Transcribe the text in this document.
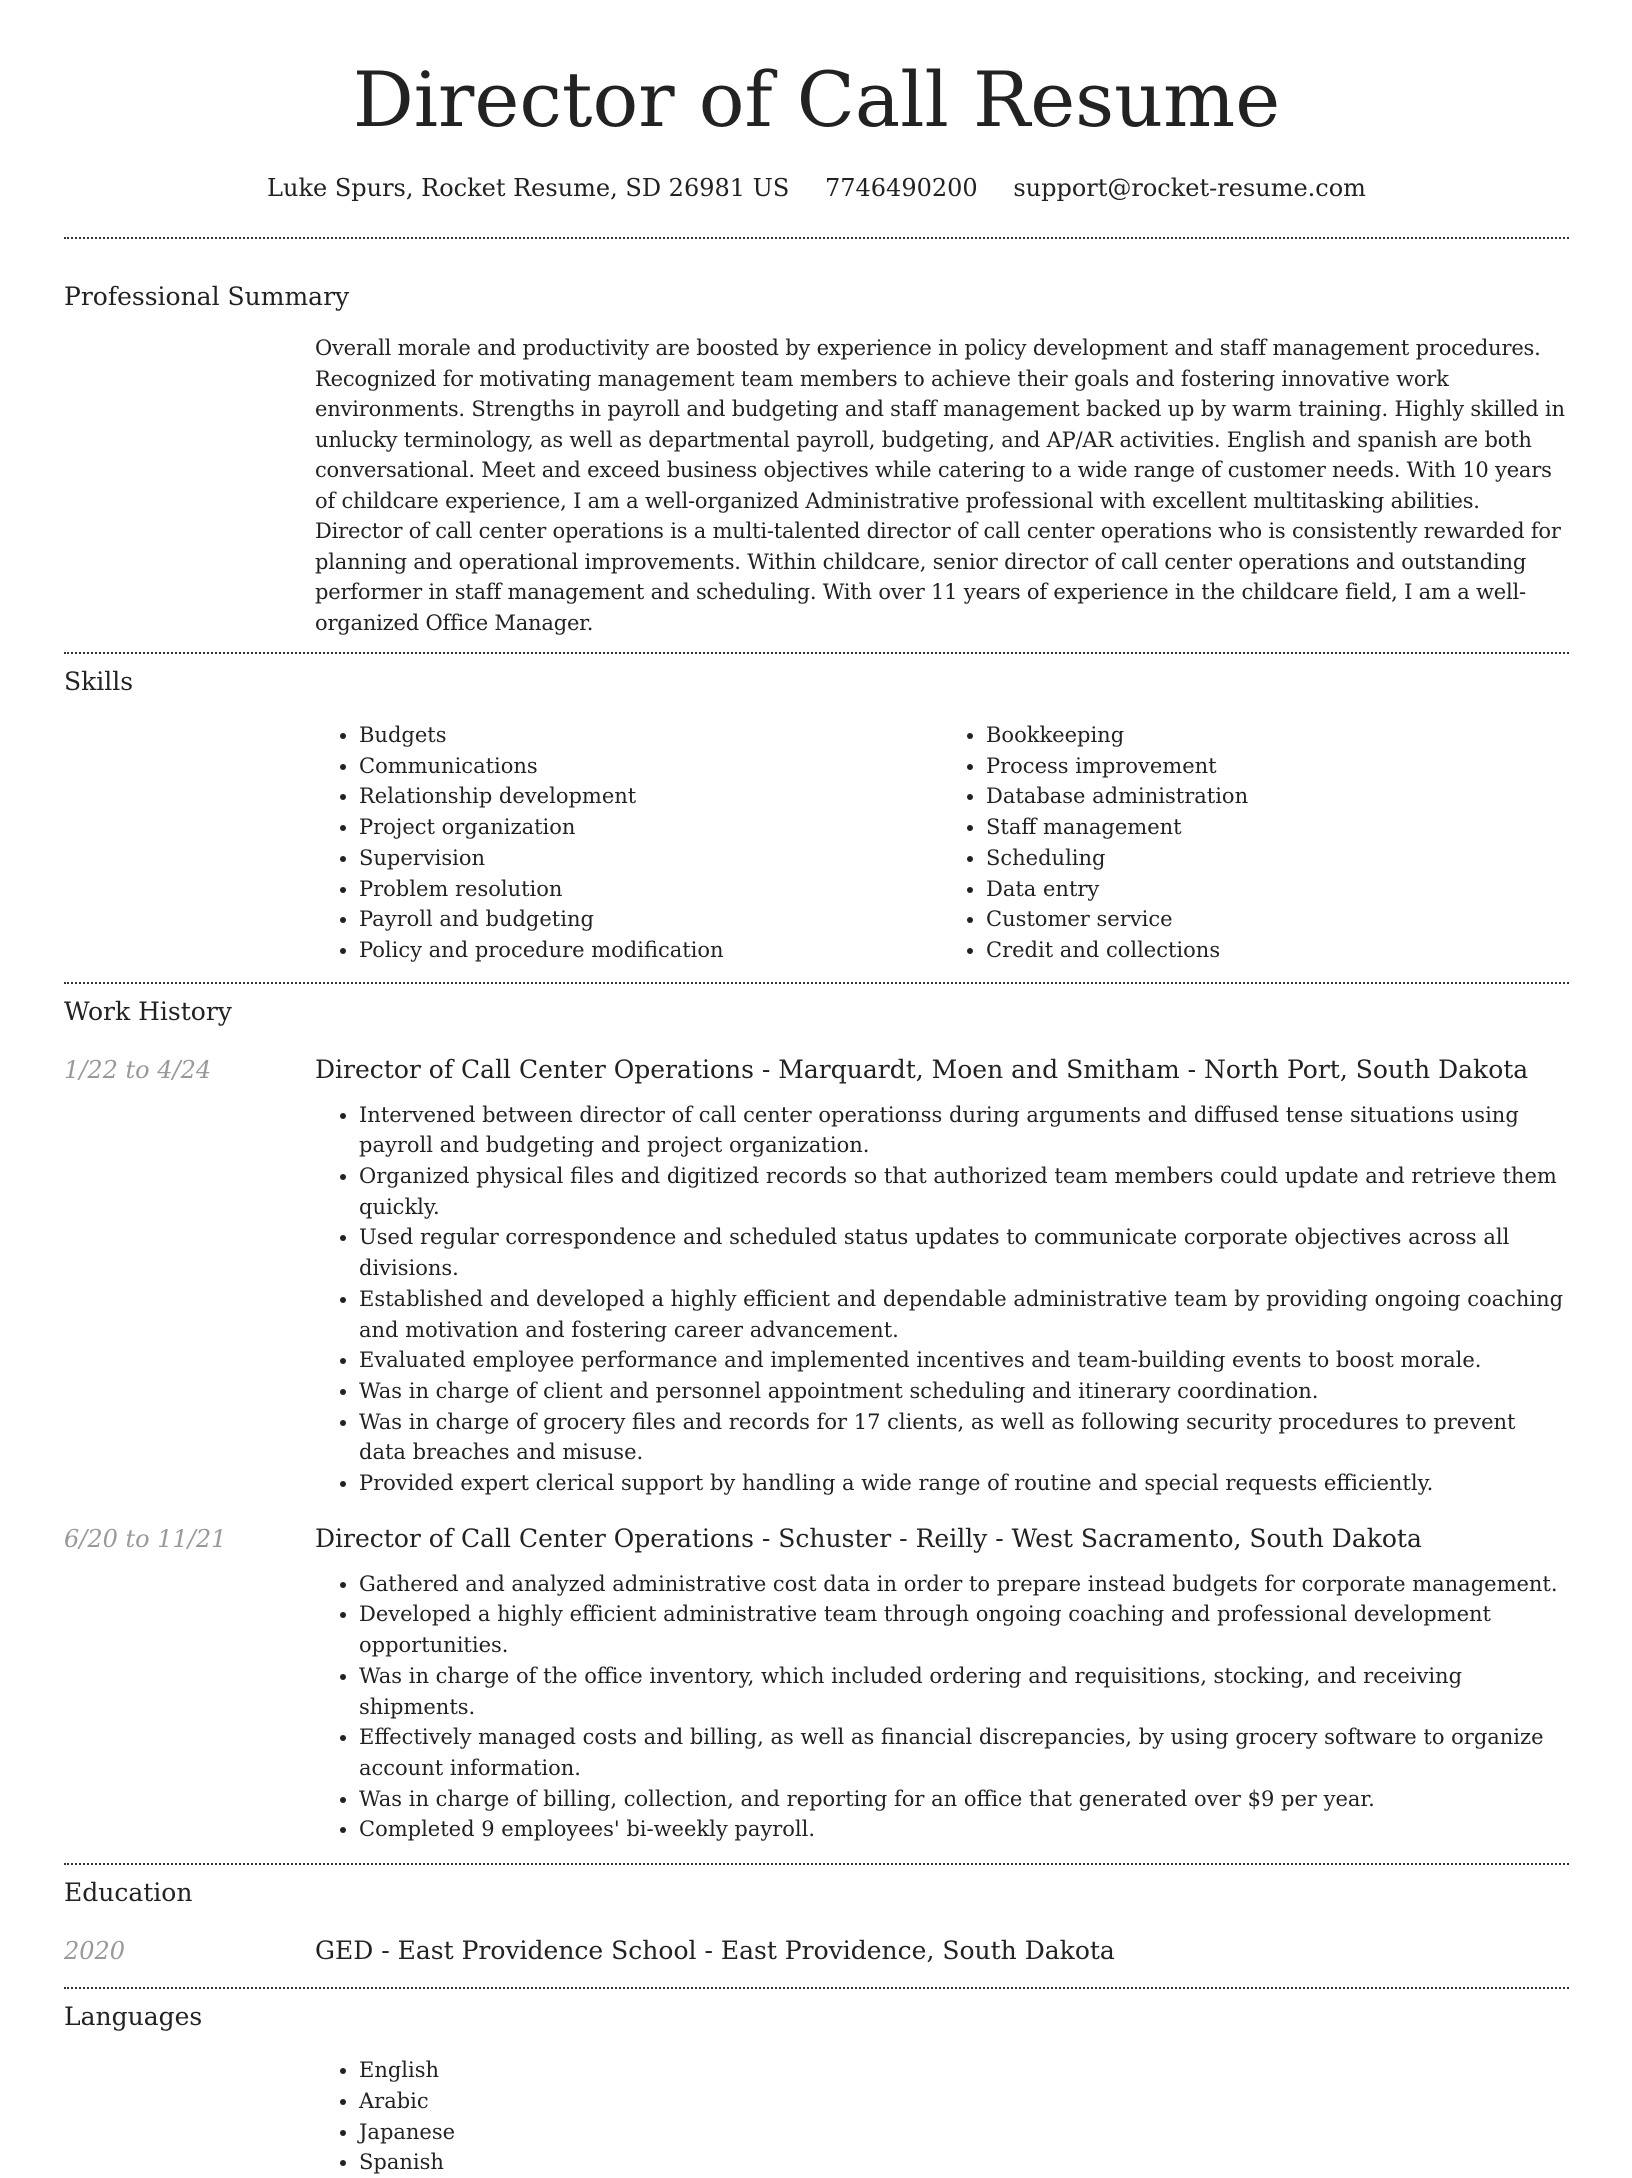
Director of Call Resume
Luke Spurs, Rocket Resume, SD 26981 US 7746490200 support@rocket-resume.com
Professional Summary

Overall morale and productivity are boosted by experience in policy development and staff management procedures. Recognized for motivating management team members to achieve their goals and fostering innovative work environments. Strengths in payroll and budgeting and staff management backed up by warm training. Highly skilled in unlucky terminology, as well as departmental payroll, budgeting, and AP/AR activities. English and spanish are both conversational. Meet and exceed business objectives while catering to a wide range of customer needs. With 10 years of childcare experience, I am a well-organized Administrative professional with excellent multitasking abilities. Director of call center operations is a multi-talented director of call center operations who is consistently rewarded for planning and operational improvements. Within childcare, senior director of call center operations and outstanding performer in staff management and scheduling. With over 11 years of experience in the childcare field, I am a well-organized Office Manager.

Skills
• Budgets
• Communications
• Relationship development
• Project organization
• Supervision
• Problem resolution
• Payroll and budgeting
• Policy and procedure modification
• Bookkeeping
• Process improvement
• Database administration
• Staff management
• Scheduling
• Data entry
• Customer service
• Credit and collections
Work History
1/22 to 4/24	Director of Call Center Operations - Marquardt, Moen and Smitham - North Port, South Dakota
• Intervened between director of call center operationss during arguments and diffused tense situations using payroll and budgeting and project organization.
• Organized physical files and digitized records so that authorized team members could update and retrieve them quickly.
• Used regular correspondence and scheduled status updates to communicate corporate objectives across all divisions.
• Established and developed a highly efficient and dependable administrative team by providing ongoing coaching and motivation and fostering career advancement.
• Evaluated employee performance and implemented incentives and team-building events to boost morale.
• Was in charge of client and personnel appointment scheduling and itinerary coordination.
• Was in charge of grocery files and records for 17 clients, as well as following security procedures to prevent data breaches and misuse.
• Provided expert clerical support by handling a wide range of routine and special requests efficiently.
6/20 to 11/21	Director of Call Center Operations - Schuster - Reilly - West Sacramento, South Dakota
• Gathered and analyzed administrative cost data in order to prepare instead budgets for corporate management.
• Developed a highly efficient administrative team through ongoing coaching and professional development opportunities.
• Was in charge of the office inventory, which included ordering and requisitions, stocking, and receiving shipments.
• Effectively managed costs and billing, as well as financial discrepancies, by using grocery software to organize account information.
• Was in charge of billing, collection, and reporting for an office that generated over $9 per year.
• Completed 9 employees' bi-weekly payroll.
Education
2020	GED - East Providence School - East Providence, South Dakota
Languages
• English
• Arabic
• Japanese
• Spanish
